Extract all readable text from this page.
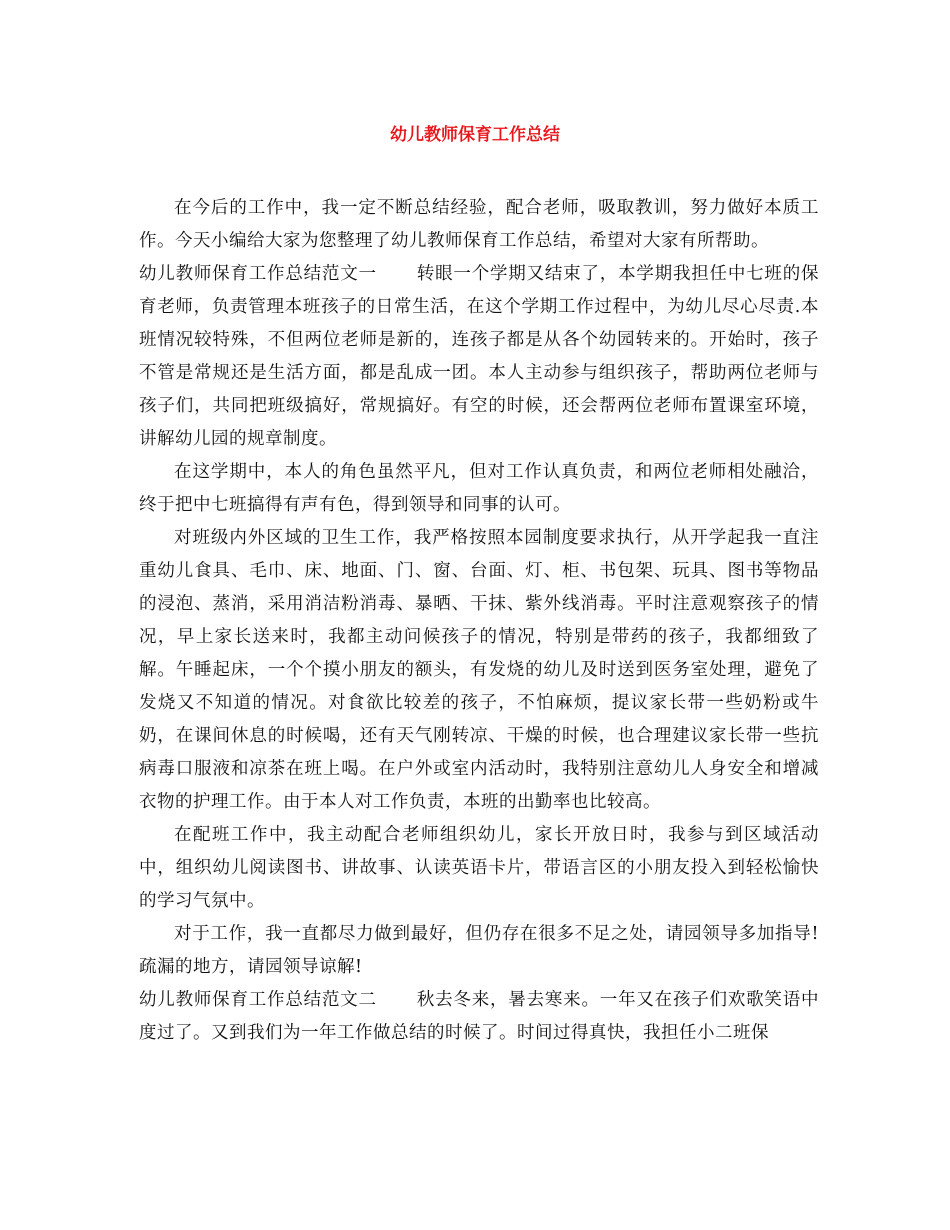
幼儿教师保育工作总结

在今后的工作中，我一定不断总结经验，配合老师，吸取教训，努力做好本质工作。今天小编给大家为您整理了幼儿教师保育工作总结，希望对大家有所帮助。

幼儿教师保育工作总结范文一 转眼一个学期又结束了，本学期我担任中七班的保育老师，负责管理本班孩子的日常生活，在这个学期工作过程中，为幼儿尽心尽责.本班情况较特殊，不但两位老师是新的，连孩子都是从各个幼园转来的。开始时，孩子不管是常规还是生活方面，都是乱成一团。本人主动参与组织孩子，帮助两位老师与孩子们，共同把班级搞好，常规搞好。有空的时候，还会帮两位老师布置课室环境，讲解幼儿园的规章制度。

在这学期中，本人的角色虽然平凡，但对工作认真负责，和两位老师相处融洽，终于把中七班搞得有声有色，得到领导和同事的认可。

对班级内外区域的卫生工作，我严格按照本园制度要求执行，从开学起我一直注重幼儿食具、毛巾、床、地面、门、窗、台面、灯、柜、书包架、玩具、图书等物品的浸泡、蒸消，采用消洁粉消毒、暴晒、干抹、紫外线消毒。平时注意观察孩子的情况，早上家长送来时，我都主动问候孩子的情况，特别是带药的孩子，我都细致了解。午睡起床，一个个摸小朋友的额头，有发烧的幼儿及时送到医务室处理，避免了发烧又不知道的情况。对食欲比较差的孩子，不怕麻烦，提议家长带一些奶粉或牛奶，在课间休息的时候喝，还有天气刚转凉、干燥的时候，也合理建议家长带一些抗病毒口服液和凉茶在班上喝。在户外或室内活动时，我特别注意幼儿人身安全和增减衣物的护理工作。由于本人对工作负责，本班的出勤率也比较高。

在配班工作中，我主动配合老师组织幼儿，家长开放日时，我参与到区域活动中，组织幼儿阅读图书、讲故事、认读英语卡片，带语言区的小朋友投入到轻松愉快的学习气氛中。

对于工作，我一直都尽力做到最好，但仍存在很多不足之处，请园领导多加指导!疏漏的地方，请园领导谅解!

幼儿教师保育工作总结范文二 秋去冬来，暑去寒来。一年又在孩子们欢歌笑语中度过了。又到我们为一年工作做总结的时候了。时间过得真快，我担任小二班保
